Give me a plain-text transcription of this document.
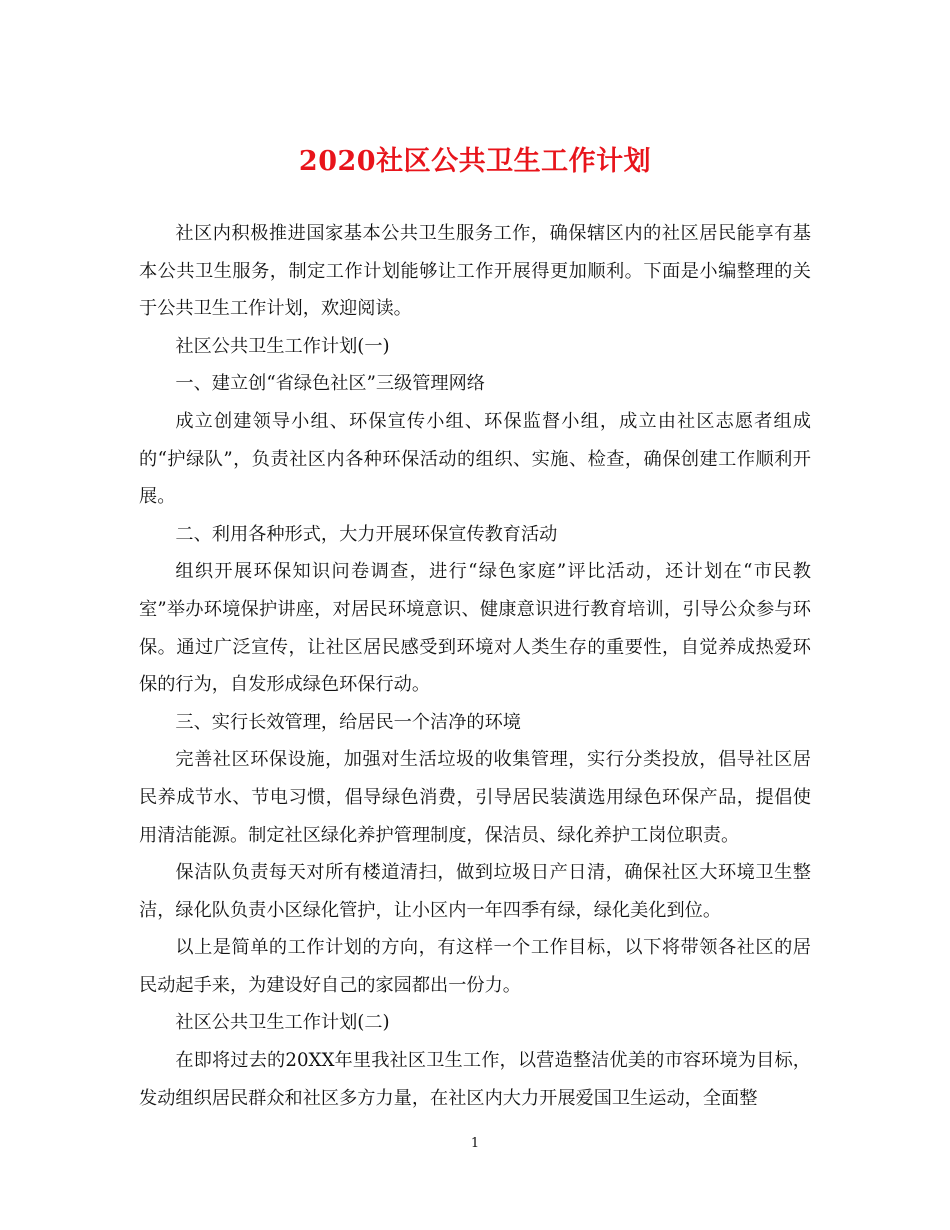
2020社区公共卫生工作计划

社区内积极推进国家基本公共卫生服务工作，确保辖区内的社区居民能享有基本公共卫生服务，制定工作计划能够让工作开展得更加顺利。下面是小编整理的关于公共卫生工作计划，欢迎阅读。

社区公共卫生工作计划(一)

一、建立创“省绿色社区”三级管理网络

成立创建领导小组、环保宣传小组、环保监督小组，成立由社区志愿者组成的“护绿队”，负责社区内各种环保活动的组织、实施、检查，确保创建工作顺利开展。

二、利用各种形式，大力开展环保宣传教育活动

组织开展环保知识问卷调查，进行“绿色家庭”评比活动，还计划在“市民教室”举办环境保护讲座，对居民环境意识、健康意识进行教育培训，引导公众参与环保。通过广泛宣传，让社区居民感受到环境对人类生存的重要性，自觉养成热爱环保的行为，自发形成绿色环保行动。

三、实行长效管理，给居民一个洁净的环境

完善社区环保设施，加强对生活垃圾的收集管理，实行分类投放，倡导社区居民养成节水、节电习惯，倡导绿色消费，引导居民装潢选用绿色环保产品，提倡使用清洁能源。制定社区绿化养护管理制度，保洁员、绿化养护工岗位职责。

保洁队负责每天对所有楼道清扫，做到垃圾日产日清，确保社区大环境卫生整洁，绿化队负责小区绿化管护，让小区内一年四季有绿，绿化美化到位。

以上是简单的工作计划的方向，有这样一个工作目标，以下将带领各社区的居民动起手来，为建设好自己的家园都出一份力。

社区公共卫生工作计划(二)

在即将过去的20XX年里我社区卫生工作，以营造整洁优美的市容环境为目标，发动组织居民群众和社区多方力量，在社区内大力开展爱国卫生运动，全面整

1
